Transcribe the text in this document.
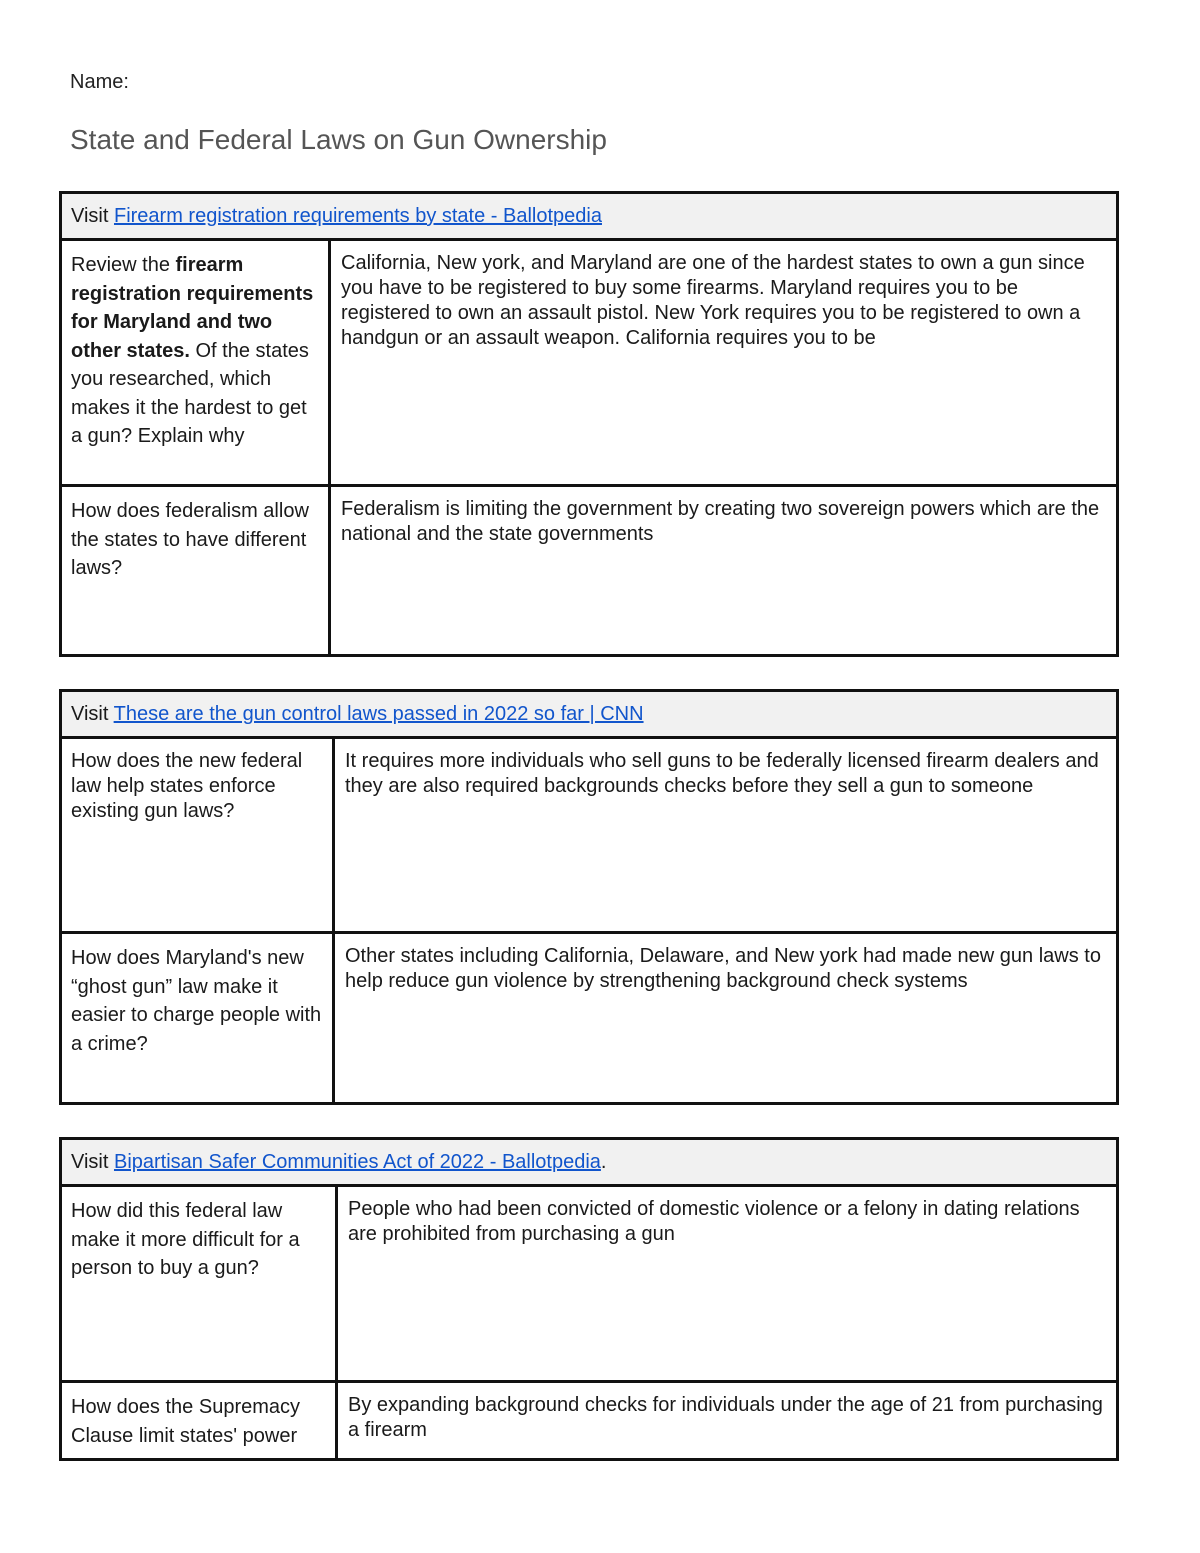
Name:
State and Federal Laws on Gun Ownership
Visit Firearm registration requirements by state - Ballotpedia	
Review the firearm registration requirements for Maryland and two other states. Of the states you researched, which makes it the hardest to get a gun? Explain why	California, New york, and Maryland are one of the hardest states to own a gun since you have to be registered to buy some firearms. Maryland requires you to be registered to own an assault pistol. New York requires you to be registered to own a handgun or an assault weapon. California requires you to be
How does federalism allow the states to have different laws?	Federalism is limiting the government by creating two sovereign powers which are the national and the state governments
Visit These are the gun control laws passed in 2022 so far | CNN	
How does the new federal law help states enforce existing gun laws?	It requires more individuals who sell guns to be federally licensed firearm dealers and they are also required backgrounds checks before they sell a gun to someone
How does Maryland's new “ghost gun” law make it easier to charge people with a crime?	Other states including California, Delaware, and New york had made new gun laws to help reduce gun violence by strengthening background check systems
Visit Bipartisan Safer Communities Act of 2022 - Ballotpedia.	
How did this federal law make it more difficult for a person to buy a gun?	People who had been convicted of domestic violence or a felony in dating relations are prohibited from purchasing a gun
How does the Supremacy Clause limit states' power	By expanding background checks for individuals under the age of 21 from purchasing a firearm
